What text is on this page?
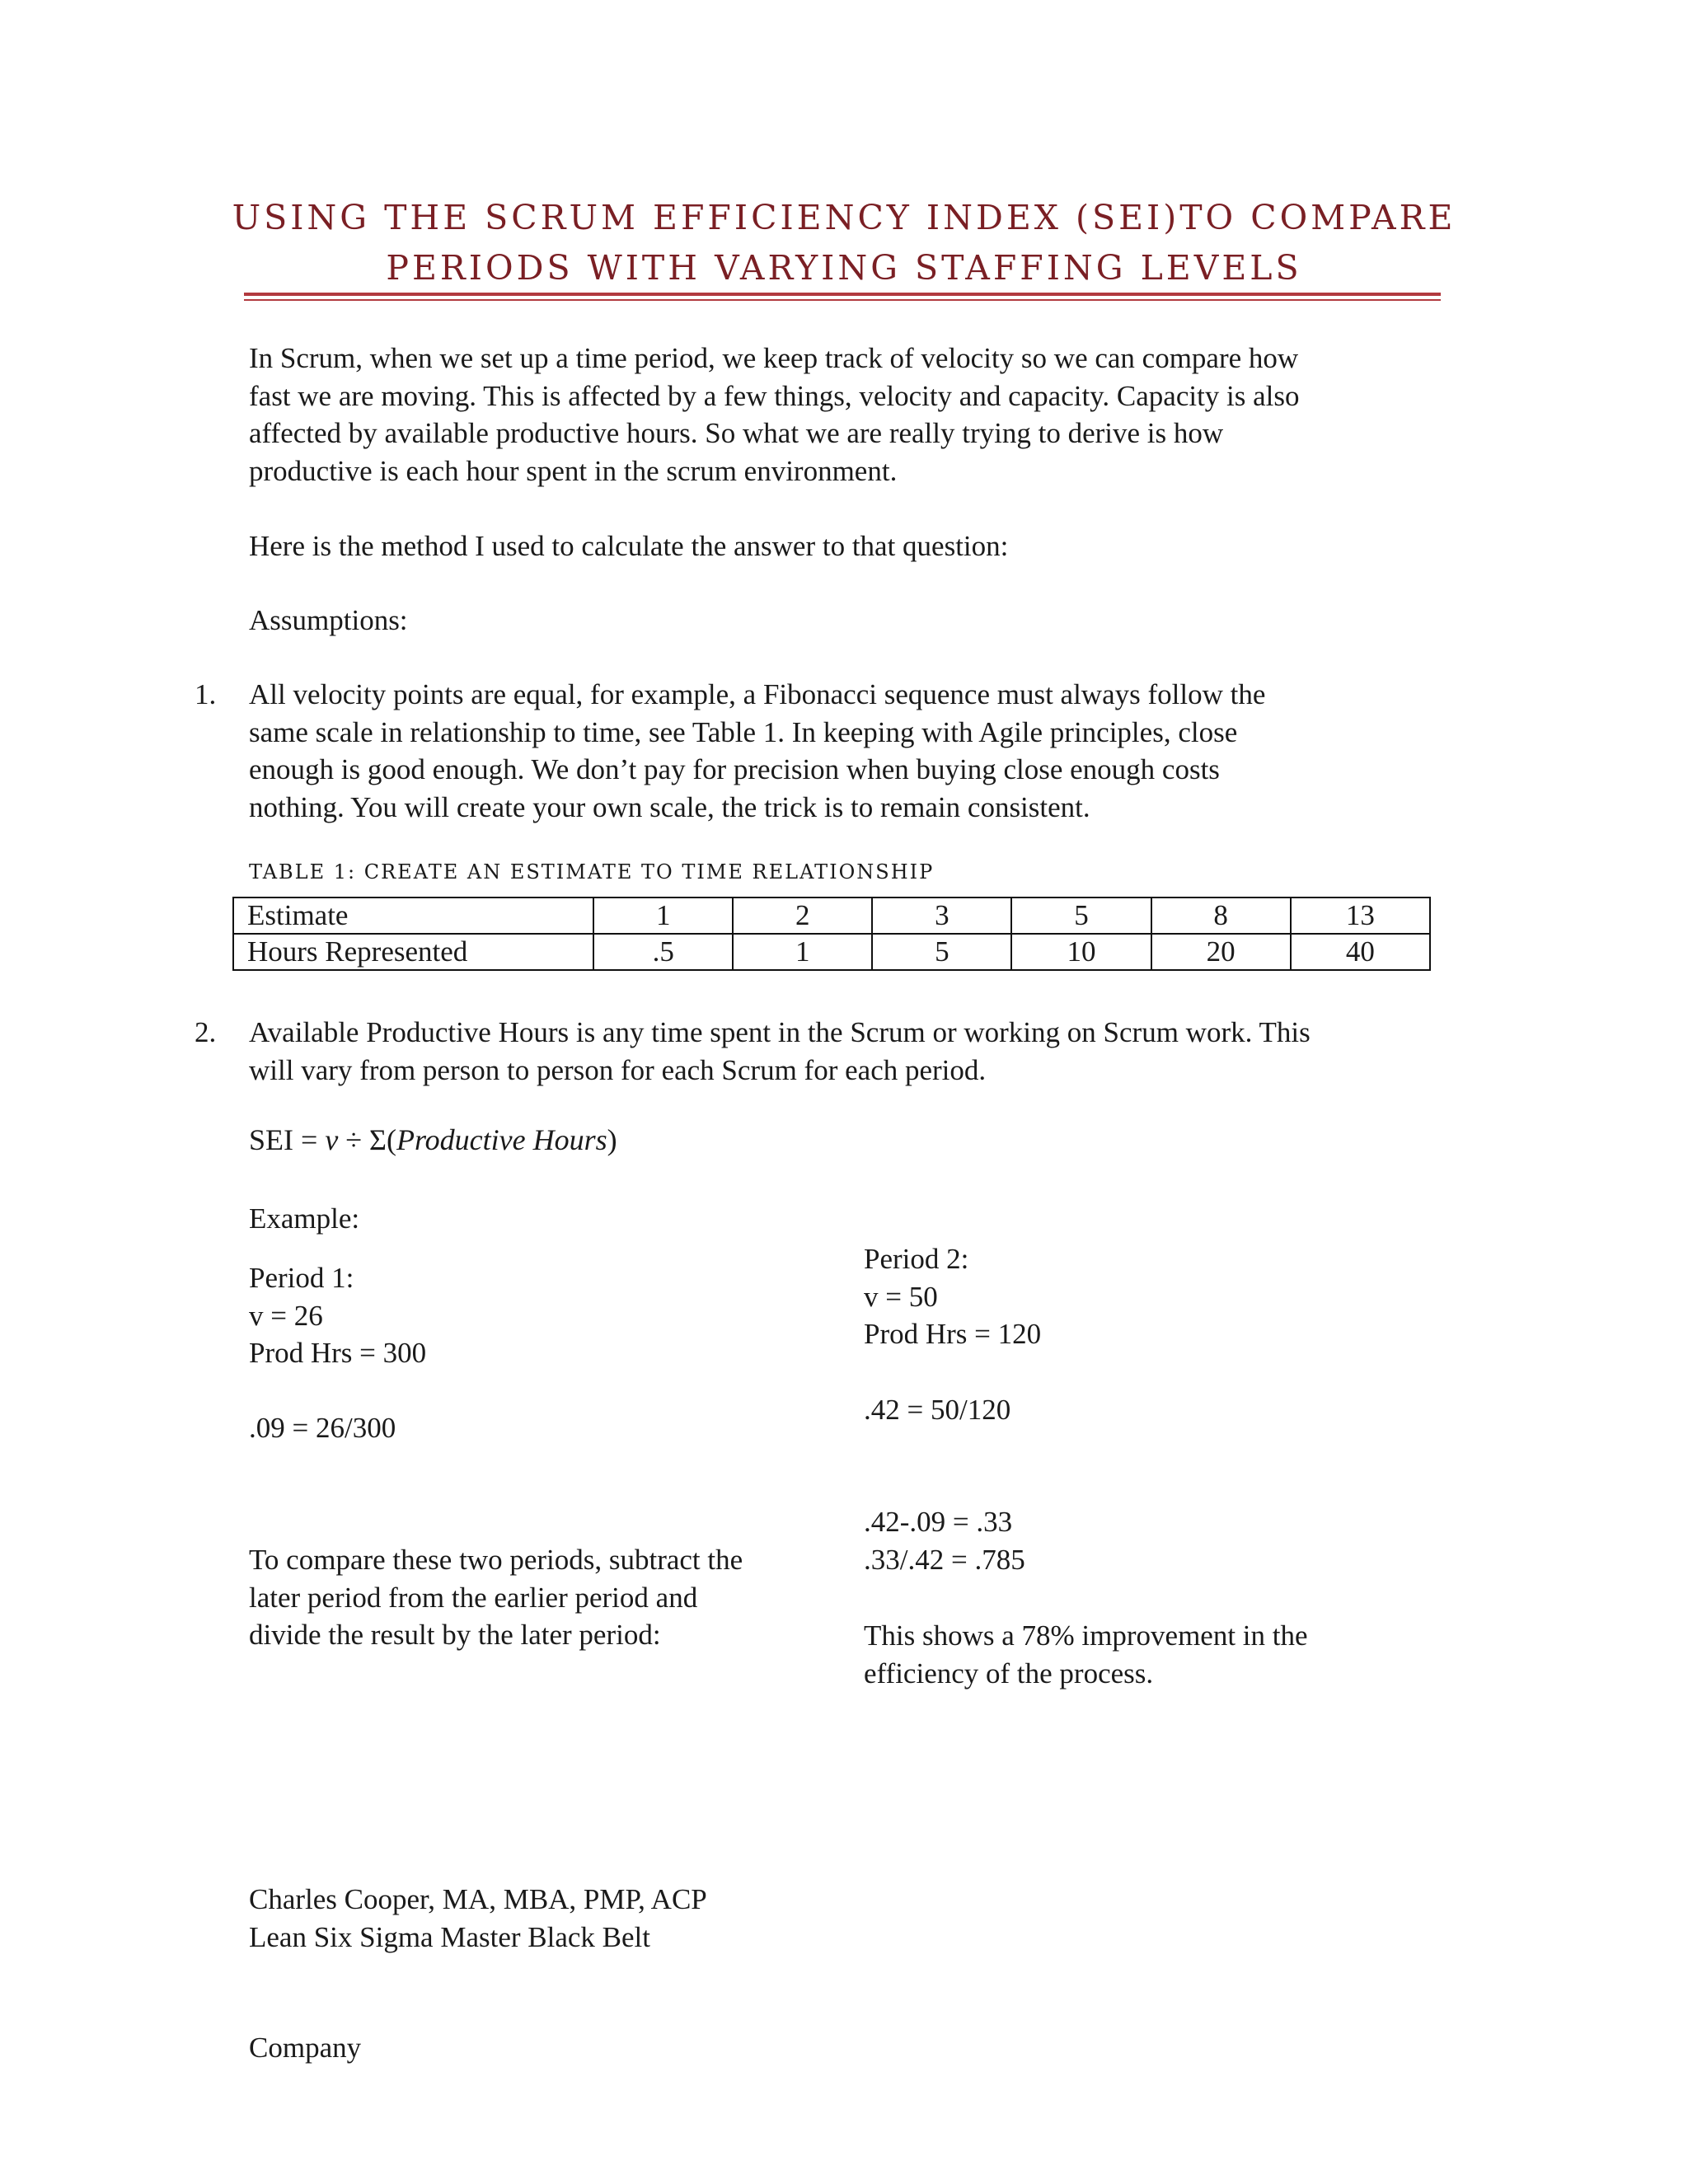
USING THE SCRUM EFFICIENCY INDEX (SEI)TO COMPARE
PERIODS WITH VARYING STAFFING LEVELS
In Scrum, when we set up a time period, we keep track of velocity so we can compare how
fast we are moving. This is affected by a few things, velocity and capacity. Capacity is also
affected by available productive hours. So what we are really trying to derive is how
productive is each hour spent in the scrum environment.
Here is the method I used to calculate the answer to that question:
Assumptions:
1. All velocity points are equal, for example, a Fibonacci sequence must always follow the
same scale in relationship to time, see Table 1. In keeping with Agile principles, close
enough is good enough. We don’t pay for precision when buying close enough costs
nothing. You will create your own scale, the trick is to remain consistent.
TABLE 1: CREATE AN ESTIMATE TO TIME RELATIONSHIP
Estimate	1	2	3	5	8	13
Hours Represented	.5	1	5	10	20	40
2. Available Productive Hours is any time spent in the Scrum or working on Scrum work. This
will vary from person to person for each Scrum for each period.
SEI = v ÷ Σ(Productive Hours)
Example:
Period 1:
v = 26
Prod Hrs = 300
.09 = 26/300
Period 2:
v = 50
Prod Hrs = 120
.42 = 50/120
To compare these two periods, subtract the
later period from the earlier period and
divide the result by the later period:
.42-.09 = .33
.33/.42 = .785
This shows a 78% improvement in the
efficiency of the process.
Charles Cooper, MA, MBA, PMP, ACP
Lean Six Sigma Master Black Belt
Company
